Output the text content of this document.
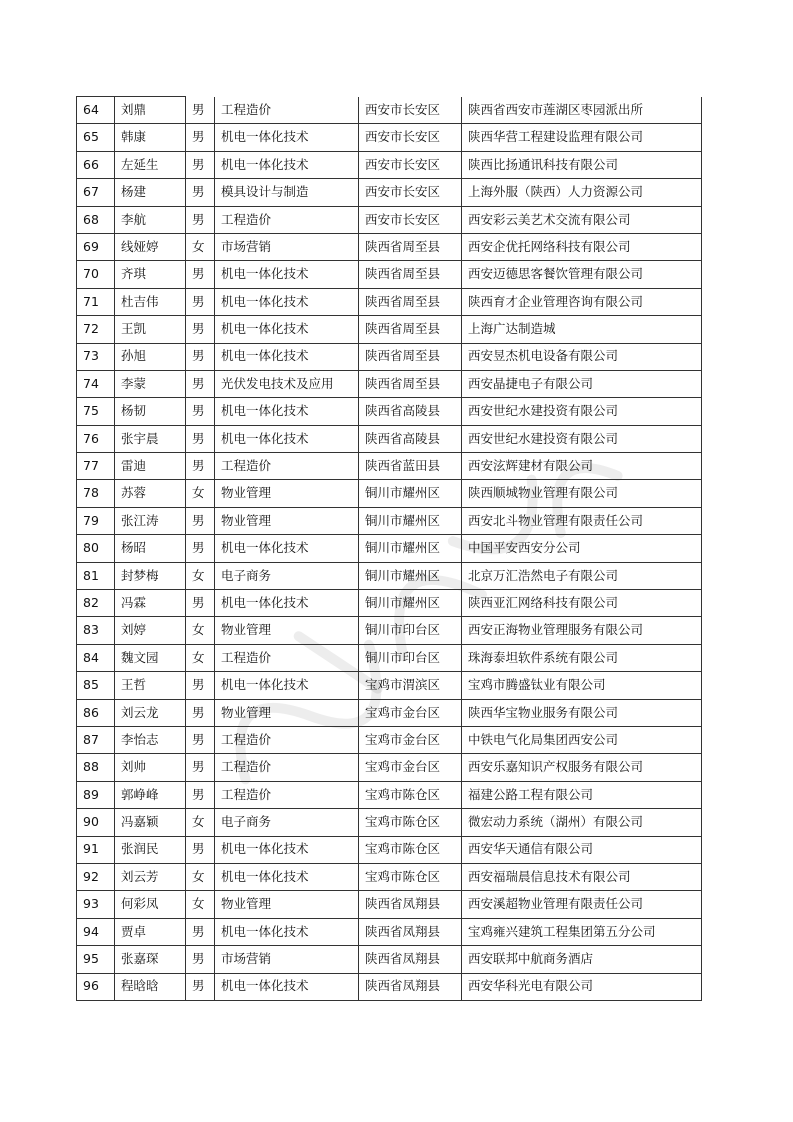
64	刘鼎	男	工程造价	西安市长安区	陕西省西安市莲湖区枣园派出所
65	韩康	男	机电一体化技术	西安市长安区	陕西华营工程建设监理有限公司
66	左延生	男	机电一体化技术	西安市长安区	陕西比扬通讯科技有限公司
67	杨建	男	模具设计与制造	西安市长安区	上海外服（陕西）人力资源公司
68	李航	男	工程造价	西安市长安区	西安彩云美艺术交流有限公司
69	线娅婷	女	市场营销	陕西省周至县	西安企优托网络科技有限公司
70	齐琪	男	机电一体化技术	陕西省周至县	西安迈德思客餐饮管理有限公司
71	杜吉伟	男	机电一体化技术	陕西省周至县	陕西育才企业管理咨询有限公司
72	王凯	男	机电一体化技术	陕西省周至县	上海广达制造城
73	孙旭	男	机电一体化技术	陕西省周至县	西安昱杰机电设备有限公司
74	李蒙	男	光伏发电技术及应用	陕西省周至县	西安晶捷电子有限公司
75	杨韧	男	机电一体化技术	陕西省高陵县	西安世纪水建投资有限公司
76	张宇晨	男	机电一体化技术	陕西省高陵县	西安世纪水建投资有限公司
77	雷迪	男	工程造价	陕西省蓝田县	西安泫辉建材有限公司
78	苏蓉	女	物业管理	铜川市耀州区	陕西顺城物业管理有限公司
79	张江涛	男	物业管理	铜川市耀州区	西安北斗物业管理有限责任公司
80	杨昭	男	机电一体化技术	铜川市耀州区	中国平安西安分公司
81	封梦梅	女	电子商务	铜川市耀州区	北京万汇浩然电子有限公司
82	冯霖	男	机电一体化技术	铜川市耀州区	陕西亚汇网络科技有限公司
83	刘婷	女	物业管理	铜川市印台区	西安正海物业管理服务有限公司
84	魏文园	女	工程造价	铜川市印台区	珠海泰坦软件系统有限公司
85	王哲	男	机电一体化技术	宝鸡市渭滨区	宝鸡市腾盛钛业有限公司
86	刘云龙	男	物业管理	宝鸡市金台区	陕西华宝物业服务有限公司
87	李怡志	男	工程造价	宝鸡市金台区	中铁电气化局集团西安公司
88	刘帅	男	工程造价	宝鸡市金台区	西安乐嘉知识产权服务有限公司
89	郭峥峰	男	工程造价	宝鸡市陈仓区	福建公路工程有限公司
90	冯嘉颖	女	电子商务	宝鸡市陈仓区	微宏动力系统（湖州）有限公司
91	张润民	男	机电一体化技术	宝鸡市陈仓区	西安华天通信有限公司
92	刘云芳	女	机电一体化技术	宝鸡市陈仓区	西安福瑞晨信息技术有限公司
93	何彩凤	女	物业管理	陕西省凤翔县	西安溪超物业管理有限责任公司
94	贾卓	男	机电一体化技术	陕西省凤翔县	宝鸡雍兴建筑工程集团第五分公司
95	张嘉琛	男	市场营销	陕西省凤翔县	西安联邦中航商务酒店
96	程晗晗	男	机电一体化技术	陕西省凤翔县	西安华科光电有限公司
